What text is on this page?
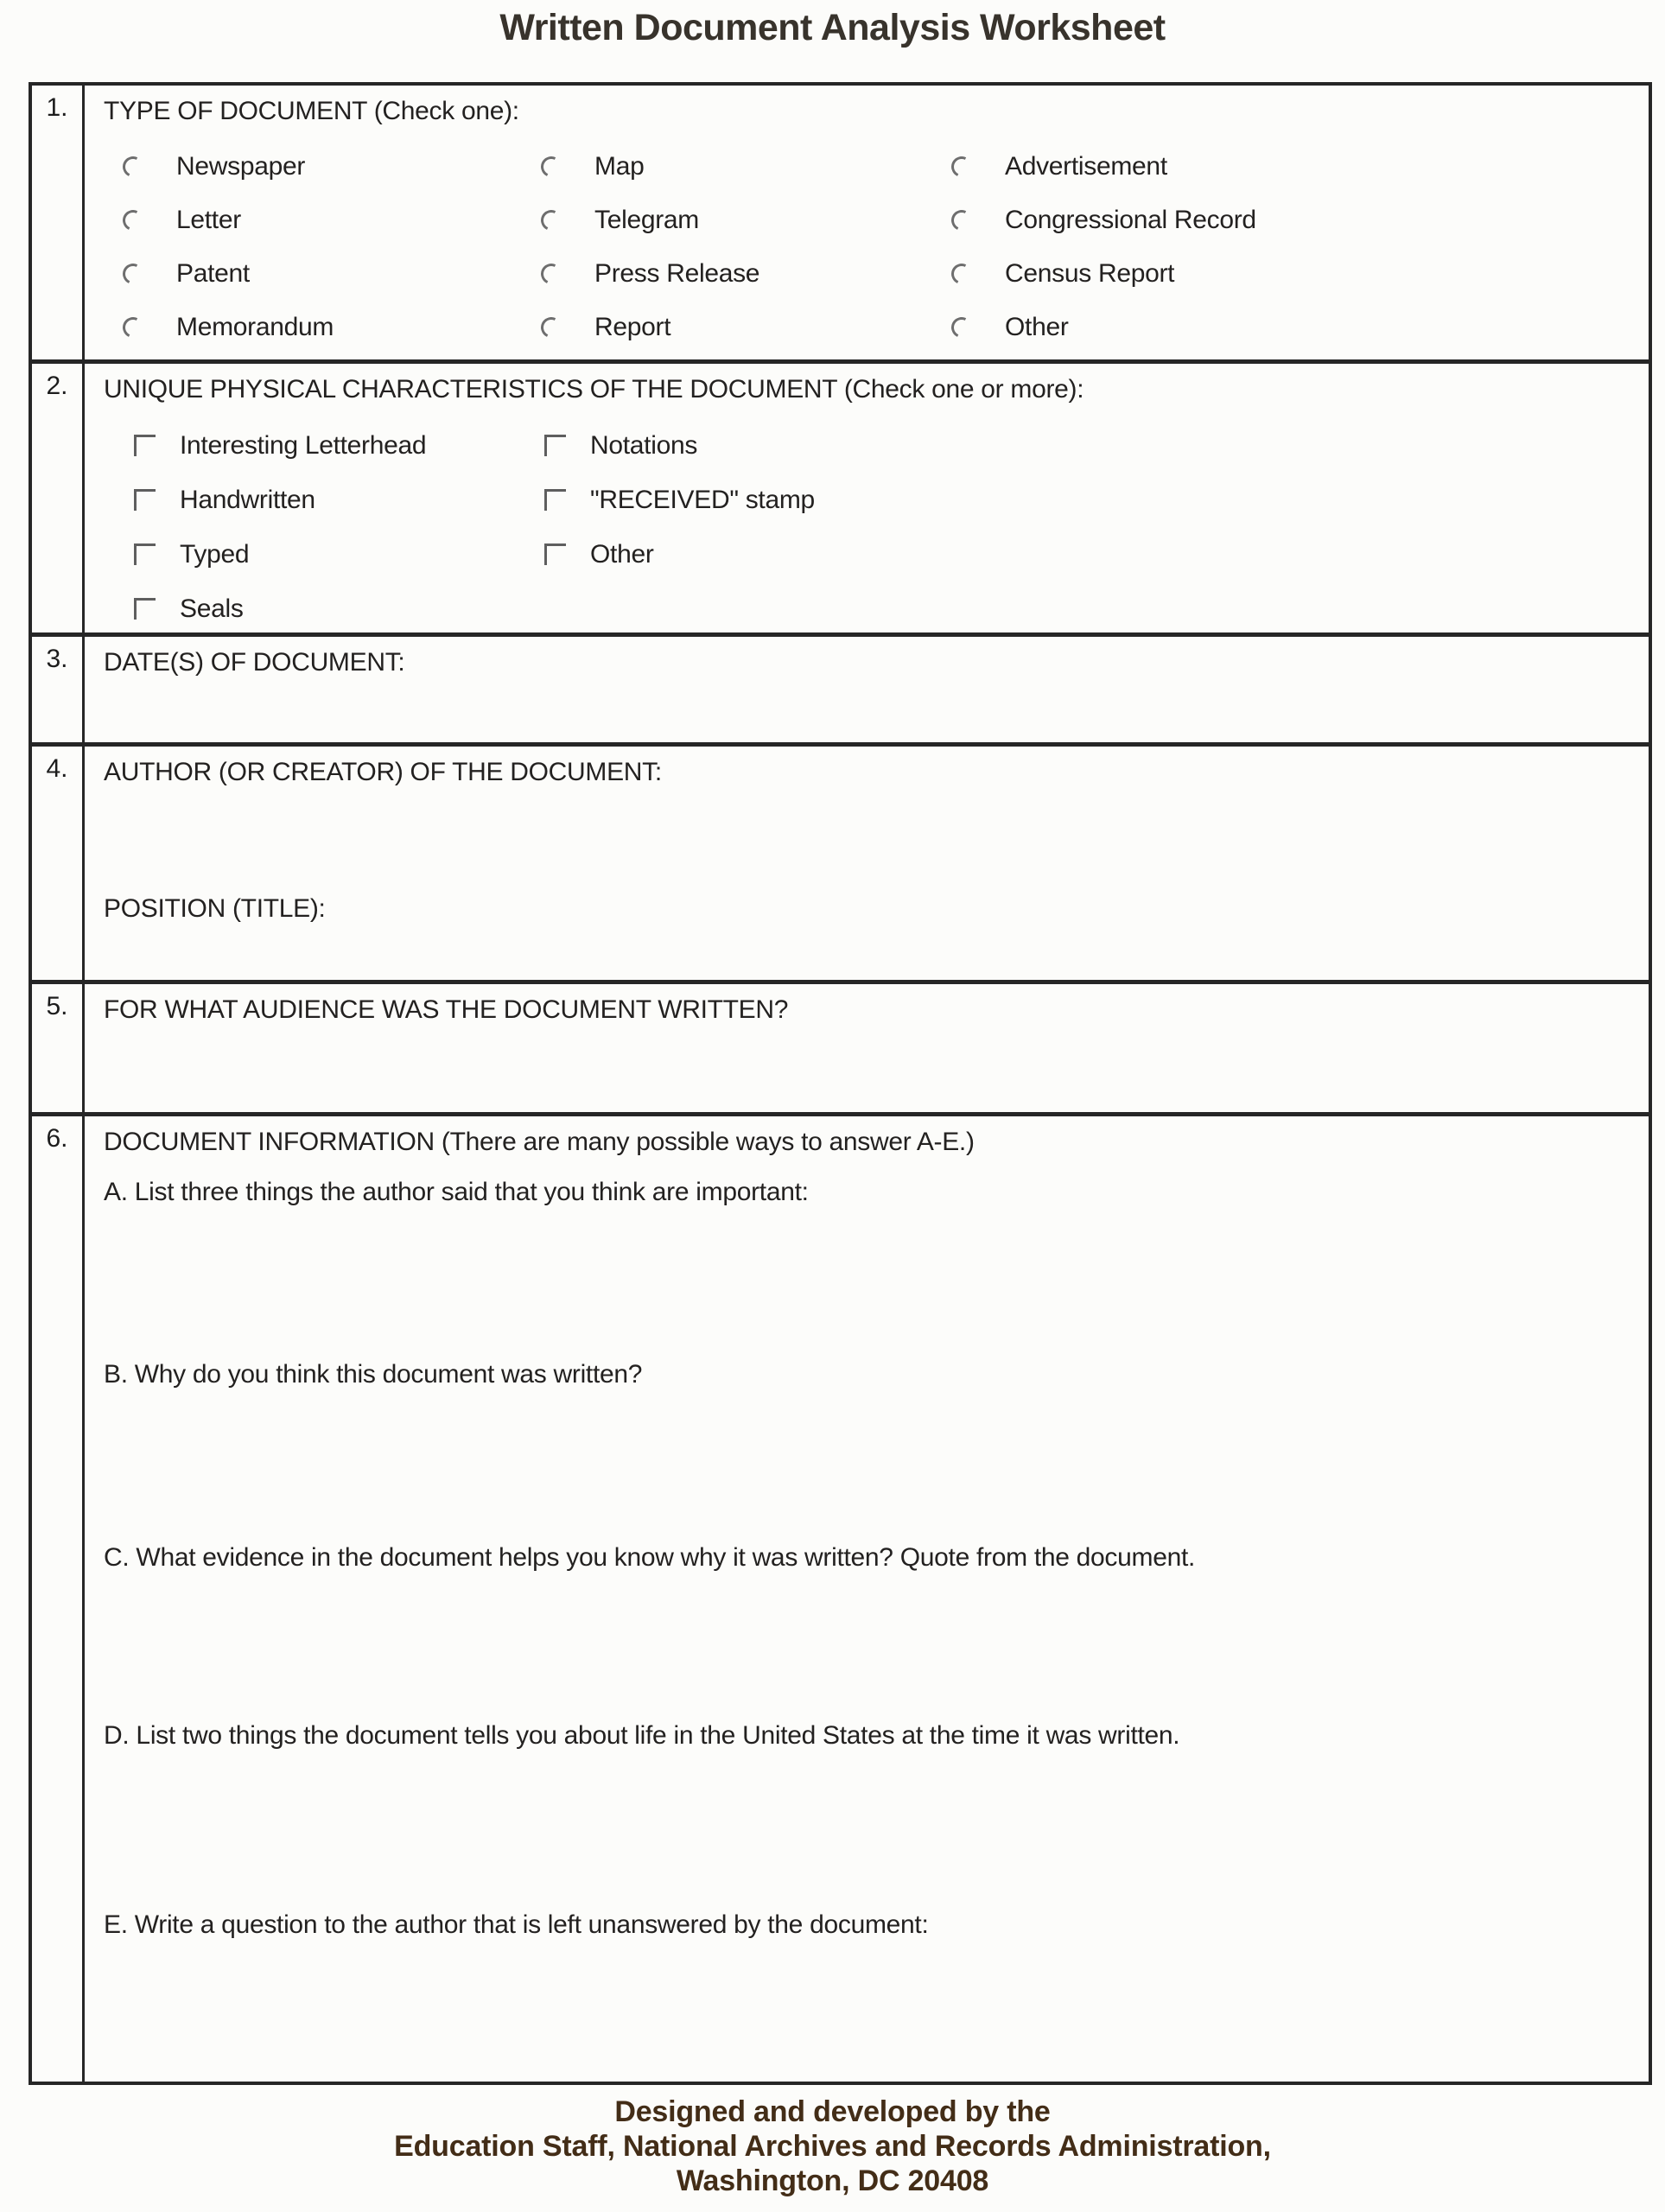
Written Document Analysis Worksheet
1.	TYPE OF DOCUMENT (Check one):
Newspaper	Map	Advertisement
Letter	Telegram	Congressional Record
Patent	Press Release	Census Report
Memorandum	Report	Other
2.	UNIQUE PHYSICAL CHARACTERISTICS OF THE DOCUMENT (Check one or more):
Interesting Letterhead	Notations
Handwritten	"RECEIVED" stamp
Typed	Other
Seals
3.	DATE(S) OF DOCUMENT:
4.	AUTHOR (OR CREATOR) OF THE DOCUMENT:
POSITION (TITLE):
5.	FOR WHAT AUDIENCE WAS THE DOCUMENT WRITTEN?
6.	DOCUMENT INFORMATION (There are many possible ways to answer A-E.)
A. List three things the author said that you think are important:
B. Why do you think this document was written?
C. What evidence in the document helps you know why it was written? Quote from the document.
D. List two things the document tells you about life in the United States at the time it was written.
E. Write a question to the author that is left unanswered by the document:
Designed and developed by the
Education Staff, National Archives and Records Administration,
Washington, DC 20408
